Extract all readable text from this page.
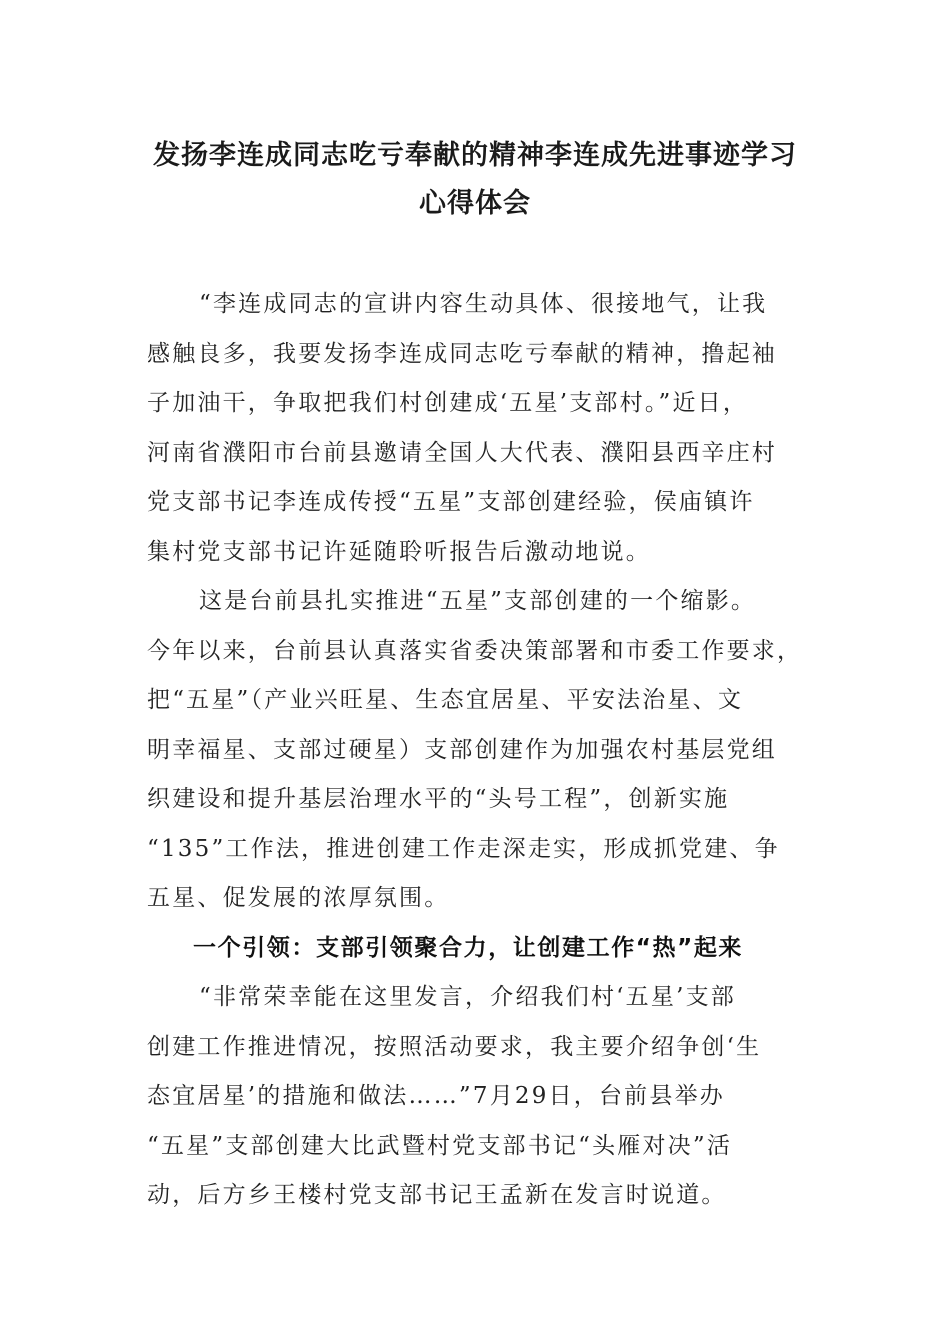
发扬李连成同志吃亏奉献的精神李连成先进事迹学习
心得体会

“李连成同志的宣讲内容生动具体、很接地气，让我
感触良多，我要发扬李连成同志吃亏奉献的精神，撸起袖
子加油干，争取把我们村创建成‘五星’支部村。”近日，
河南省濮阳市台前县邀请全国人大代表、濮阳县西辛庄村
党支部书记李连成传授“五星”支部创建经验，侯庙镇许
集村党支部书记许延随聆听报告后激动地说。

这是台前县扎实推进“五星”支部创建的一个缩影。
今年以来，台前县认真落实省委决策部署和市委工作要求，
把“五星”（产业兴旺星、生态宜居星、平安法治星、文
明幸福星、支部过硬星）支部创建作为加强农村基层党组
织建设和提升基层治理水平的“头号工程”，创新实施
“135”工作法，推进创建工作走深走实，形成抓党建、争
五星、促发展的浓厚氛围。

一个引领：支部引领聚合力，让创建工作“热”起来

“非常荣幸能在这里发言，介绍我们村‘五星’支部
创建工作推进情况，按照活动要求，我主要介绍争创‘生
态宜居星’的措施和做法……”7月29日，台前县举办
“五星”支部创建大比武暨村党支部书记“头雁对决”活
动，后方乡王楼村党支部书记王孟新在发言时说道。
